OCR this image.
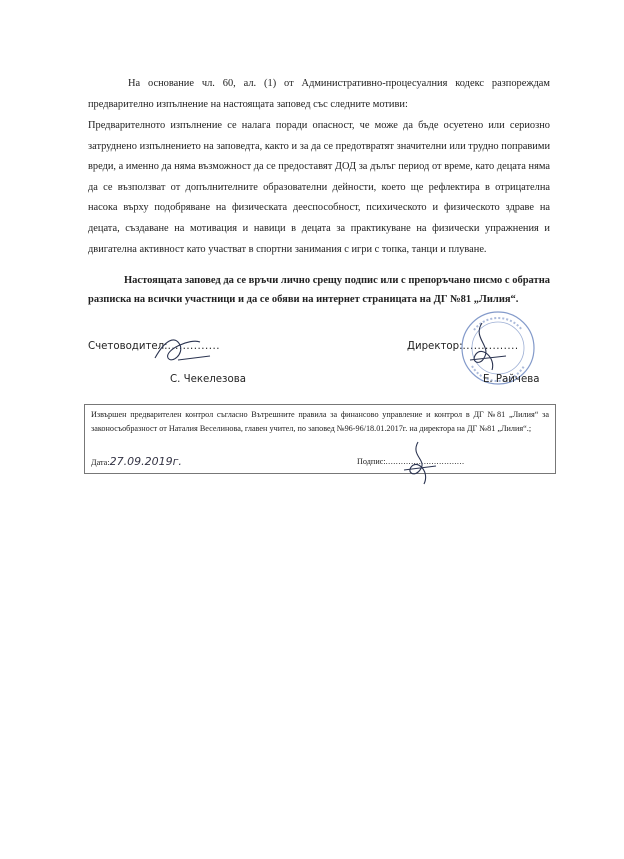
На основание чл. 60, ал. (1) от Административно-процесуалния кодекс разпореждам предварително изпълнение на настоящата заповед със следните мотиви:
Предварителното изпълнение се налага поради опасност, че може да бъде осуетено или сериозно затруднено изпълнението на заповедта, както и за да се предотвратят значителни или трудно поправими вреди, а именно да няма възможност да се предоставят ДОД за дълъг период от време, като децата няма да се възползват от допълнителните образователни дейности, което ще рефлектира в отрицателна насока върху подобряване на физическата дееспособност, психическото и физическото здраве на децата, създаване на мотивация и навици в децата за практикуване на физически упражнения и двигателна активност като участват в спортни занимания с игри с топка, танци и плуване.
Настоящата заповед да се връчи лично срещу подпис или с препоръчано писмо с обратна разписка на всички участници и да се обяви на интернет страницата на ДГ №81 „Лилия“.
Счетоводител:..............	Директор:...............
С. Чекелезова	Е. Райчева
Извършен предварителен контрол съгласно Вътрешните правила за финансово управление и контрол в ДГ №81 „Лилия“ за законосъобразност от Наталия Веселинова, главен учител, по заповед №96-96/18.01.2017г. на директора на ДГ №81 „Лилия“.;
Дата:27.09.2019г.	Подпис:...............................
